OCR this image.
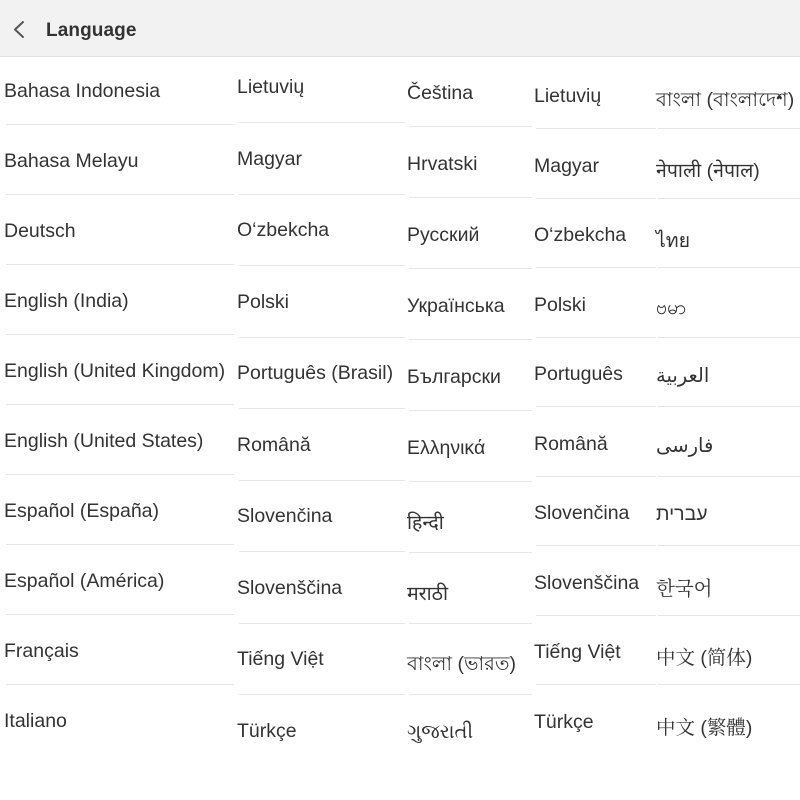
Language
Bahasa Indonesia
Bahasa Melayu
Deutsch
English (India)
English (United Kingdom)
English (United States)
Español (España)
Español (América)
Français
Italiano
Lietuvių
Magyar
O‘zbekcha
Polski
Português (Brasil)
Română
Slovenčina
Slovenščina
Tiếng Việt
Türkçe
Čeština
Hrvatski
Русский
Українська
Български
Ελληνικά
हिन्दी
मराठी
বাংলা (ভারত)
ગુજરાતી
Lietuvių
Magyar
O‘zbekcha
Polski
Português
Română
Slovenčina
Slovenščina
Tiếng Việt
Türkçe
বাংলা (বাংলাদেশ)
नेपाली (नेपाल)
ไทย
ဗမာ
العربية
فارسی
עברית
한국어
中文 (简体)
中文 (繁體)
